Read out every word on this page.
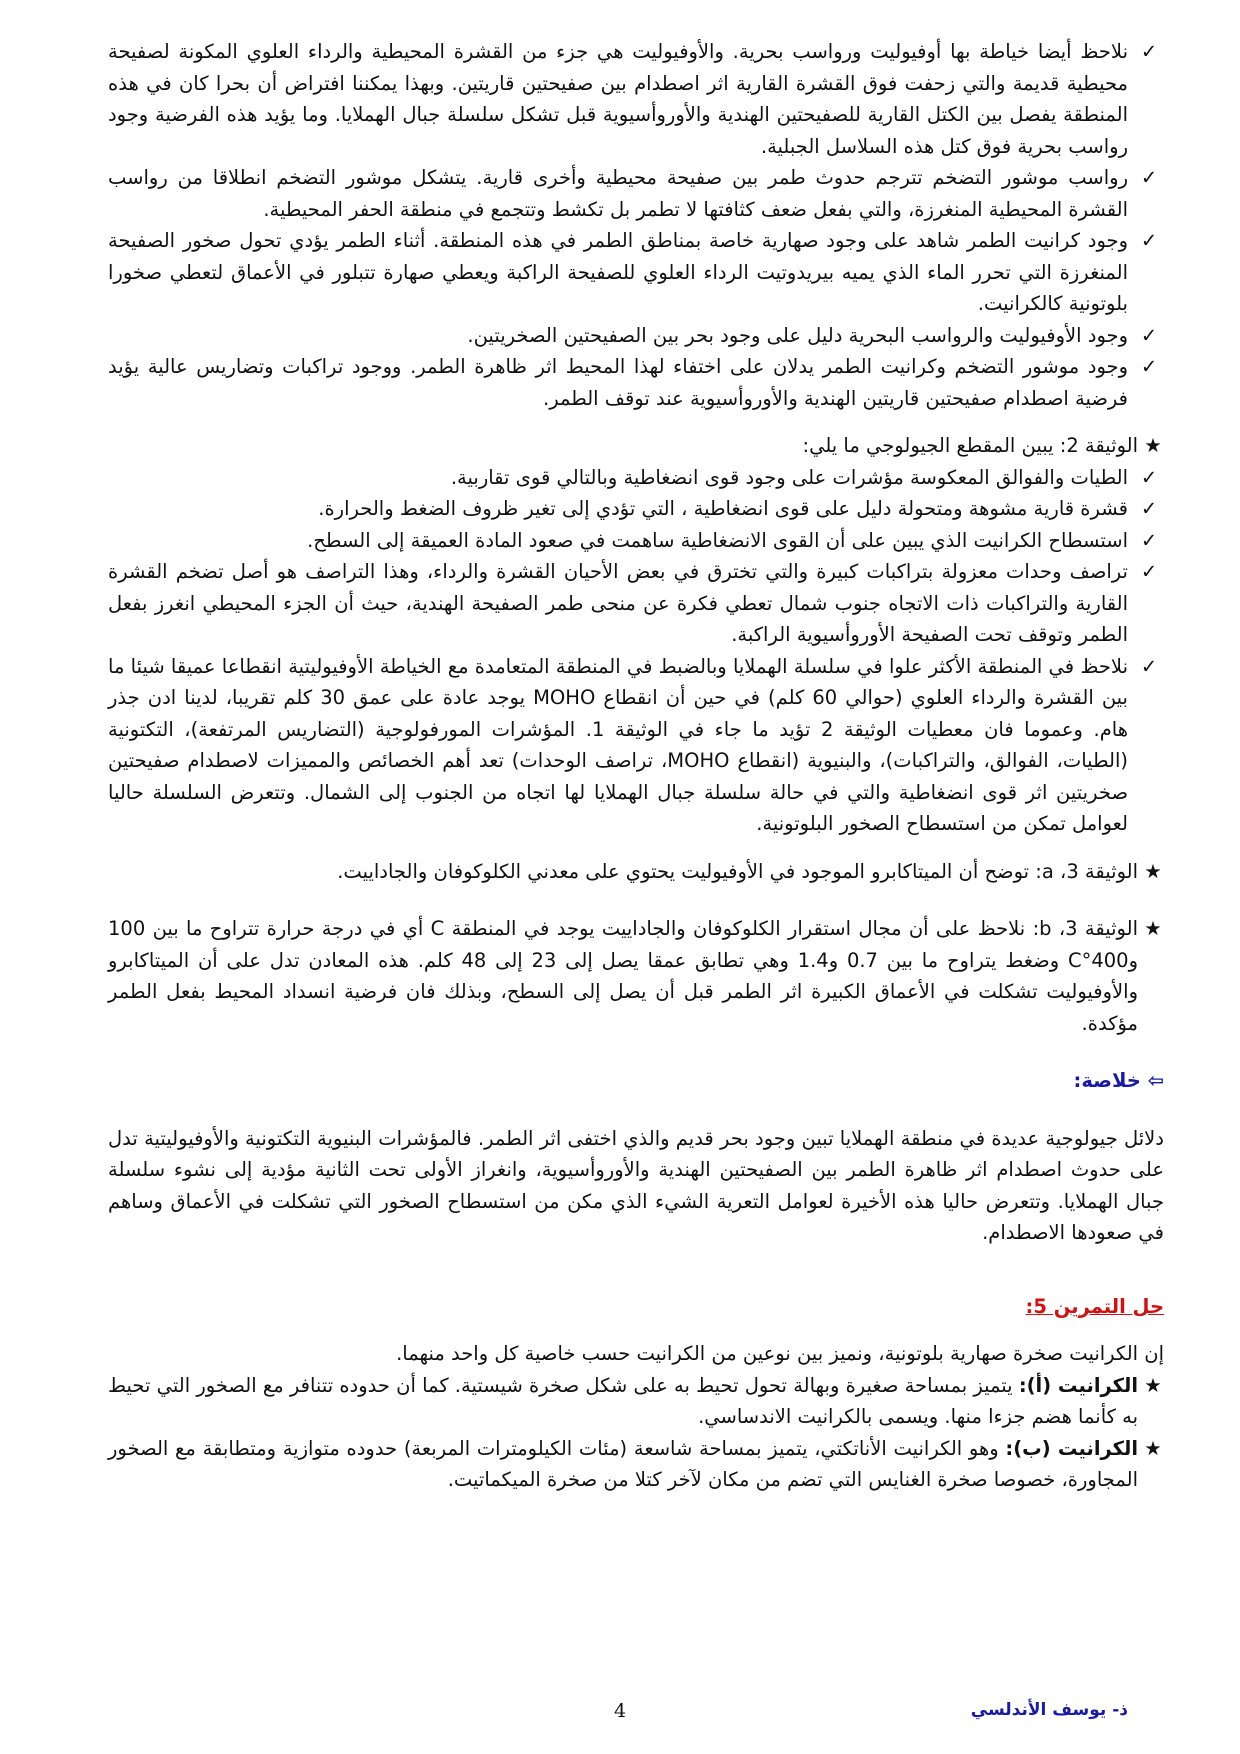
✓
نلاحظ أيضا خياطة بها أوفيوليت ورواسب بحرية. والأوفيوليت هي جزء من القشرة المحيطية والرداء العلوي المكونة لصفيحة محيطية قديمة والتي زحفت فوق القشرة القارية اثر اصطدام بين صفيحتين قاريتين. وبهذا يمكننا افتراض أن بحرا كان في هذه المنطقة يفصل بين الكتل القارية للصفيحتين الهندية والأوروأسيوية قبل تشكل سلسلة جبال الهملايا. وما يؤيد هذه الفرضية وجود رواسب بحرية فوق كتل هذه السلاسل الجبلية.
✓
رواسب موشور التضخم تترجم حدوث طمر بين صفيحة محيطية وأخرى قارية. يتشكل موشور التضخم انطلاقا من رواسب القشرة المحيطية المنغرزة، والتي بفعل ضعف كثافتها لا تطمر بل تكشط وتتجمع في منطقة الحفر المحيطية.
✓
وجود كرانيت الطمر شاهد على وجود صهارية خاصة بمناطق الطمر في هذه المنطقة. أثناء الطمر يؤدي تحول صخور الصفيحة المنغرزة التي تحرر الماء الذي يميه بيريدوتيت الرداء العلوي للصفيحة الراكبة ويعطي صهارة تتبلور في الأعماق لتعطي صخورا بلوتونية كالكرانيت.
✓
وجود الأوفيوليت والرواسب البحرية دليل على وجود بحر بين الصفيحتين الصخريتين.
✓
وجود موشور التضخم وكرانيت الطمر يدلان على اختفاء لهذا المحيط اثر ظاهرة الطمر. ووجود تراكبات وتضاريس عالية يؤيد فرضية اصطدام صفيحتين قاريتين الهندية والأوروأسيوية عند توقف الطمر.
★
الوثيقة 2: يبين المقطع الجيولوجي ما يلي:
✓
الطيات والفوالق المعكوسة مؤشرات على وجود قوى انضغاطية وبالتالي قوى تقاربية.
✓
قشرة قارية مشوهة ومتحولة دليل على قوى انضغاطية ، التي تؤدي إلى تغير ظروف الضغط والحرارة.
✓
استسطاح الكرانيت الذي يبين على أن القوى الانضغاطية ساهمت في صعود المادة العميقة إلى السطح.
✓
تراصف وحدات معزولة بتراكبات كبيرة والتي تخترق في بعض الأحيان القشرة والرداء، وهذا التراصف هو أصل تضخم القشرة القارية والتراكبات ذات الاتجاه جنوب شمال تعطي فكرة عن منحى طمر الصفيحة الهندية، حيث أن الجزء المحيطي انغرز بفعل الطمر وتوقف تحت الصفيحة الأوروأسيوية الراكبة.
✓
نلاحظ في المنطقة الأكثر علوا في سلسلة الهملايا وبالضبط في المنطقة المتعامدة مع الخياطة الأوفيوليتية انقطاعا عميقا شيئا ما بين القشرة والرداء العلوي (حوالي 60 كلم) في حين أن انقطاع MOHO يوجد عادة على عمق 30 كلم تقريبا، لدينا ادن جذر هام. وعموما فان معطيات الوثيقة 2 تؤيد ما جاء في الوثيقة 1. المؤشرات المورفولوجية (التضاريس المرتفعة)، التكتونية (الطيات، الفوالق، والتراكبات)، والبنيوية (انقطاع MOHO، تراصف الوحدات) تعد أهم الخصائص والمميزات لاصطدام صفيحتين صخريتين اثر قوى انضغاطية والتي في حالة سلسلة جبال الهملايا لها اتجاه من الجنوب إلى الشمال. وتتعرض السلسلة حاليا لعوامل تمكن من استسطاح الصخور البلوتونية.
★
الوثيقة 3، a: توضح أن الميتاكابرو الموجود في الأوفيوليت يحتوي على معدني الكلوكوفان والجاداييت.
★
الوثيقة 3، b: نلاحظ على أن مجال استقرار الكلوكوفان والجاداييت يوجد في المنطقة C أي في درجة حرارة تتراوح ما بين 100 و400°C وضغط يتراوح ما بين 0.7 و1.4 وهي تطابق عمقا يصل إلى 23 إلى 48 كلم. هذه المعادن تدل على أن الميتاكابرو والأوفيوليت تشكلت في الأعماق الكبيرة اثر الطمر قبل أن يصل إلى السطح، وبذلك فان فرضية انسداد المحيط بفعل الطمر مؤكدة.
⇦ خلاصة:

دلائل جيولوجية عديدة في منطقة الهملايا تبين وجود بحر قديم والذي اختفى اثر الطمر. فالمؤشرات البنيوية التكتونية والأوفيوليتية تدل على حدوث اصطدام اثر ظاهرة الطمر بين الصفيحتين الهندية والأوروأسيوية، وانغراز الأولى تحت الثانية مؤدية إلى نشوء سلسلة جبال الهملايا. وتتعرض حاليا هذه الأخيرة لعوامل التعرية الشيء الذي مكن من استسطاح الصخور التي تشكلت في الأعماق وساهم في صعودها الاصطدام.

حل التمرين 5:

إن الكرانيت صخرة صهارية بلوتونية، ونميز بين نوعين من الكرانيت حسب خاصية كل واحد منهما.

★
الكرانيت (أ): يتميز بمساحة صغيرة وبهالة تحول تحيط به على شكل صخرة شيستية. كما أن حدوده تتنافر مع الصخور التي تحيط به كأنما هضم جزءا منها. ويسمى بالكرانيت الاندساسي.
★
الكرانيت (ب): وهو الكرانيت الأناتكتي، يتميز بمساحة شاسعة (مئات الكيلومترات المربعة) حدوده متوازية ومتطابقة مع الصخور المجاورة، خصوصا صخرة الغنايس التي تضم من مكان لآخر كتلا من صخرة الميكماتيت.
4	ذ- يوسف الأندلسي
